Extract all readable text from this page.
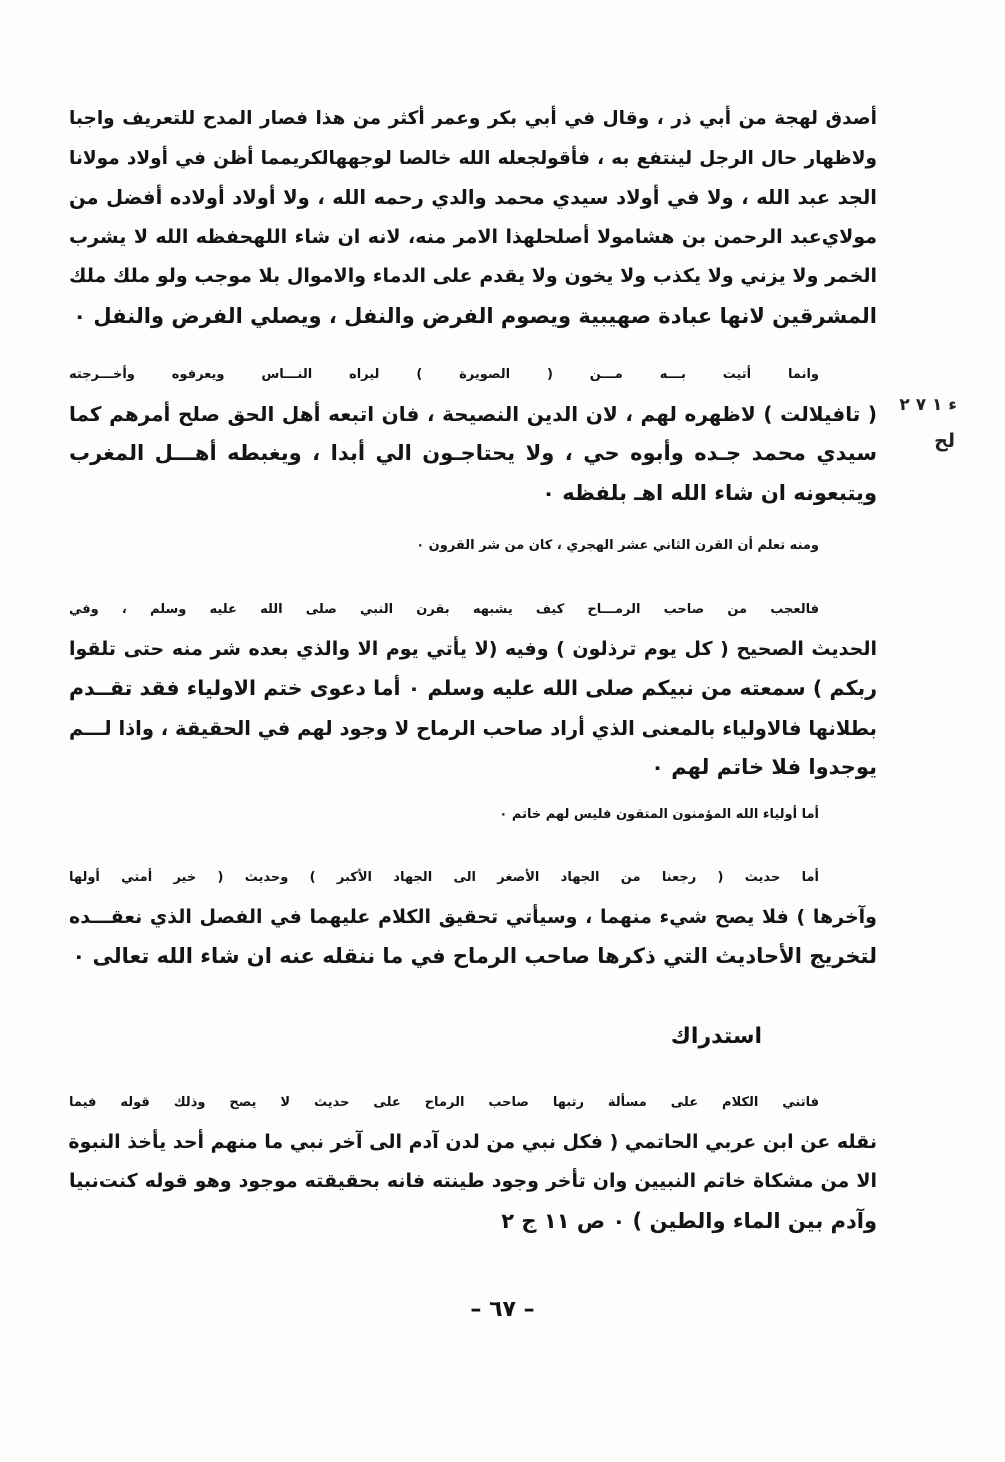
أصدق لهجة من أبي ذر ، وقال في أبي بكر وعمر أكثر من هذا فصار المدح للتعريف واجبا
ولاظهار حال الرجل لينتفع به ، فأقولجعله الله خالصا لوجههالكريمما أظن في أولاد مولانا
الجد عبد الله ، ولا في أولاد سيدي محمد والدي رحمه الله ، ولا أولاد أولاده أفضل من
مولاي‌عبد الرحمن بن هشامولا أصلحلهذا الامر منه، لانه ان شاء اللهحفظه الله لا يشرب
الخمر ولا يزني ولا يكذب ولا يخون ولا يقدم على الدماء والاموال بلا موجب ولو ملك ملك
المشرقين لانها عبادة صهيبية ويصوم الفرض والنفل ، ويصلي الفرض والنفل ٠
ء ١ ٧ ٢
لح
وانما أتيت بـــه مـــن ( الصويرة ) ليراه النـــاس ويعرفوه وأخـــرجته
( تافيلالت ) لاظهره لهم ، لان الدين النصيحة ، فان اتبعه أهل الحق صلح أمرهم كما
سيدي محمد جـده وأبوه حي ، ولا يحتاجـون الي أبدا ، ويغبطه أهـــل المغرب
ويتبعونه ان شاء الله اهـ بلفظه ٠
ومنه تعلم أن القرن الثاني عشر الهجري ، كان من شر القرون ٠
فالعجب من صاحب الرمـــاح كيف يشبهه بقرن النبي صلى الله عليه وسلم ، وفي
الحديث الصحيح ( كل يوم ترذلون ) وفيه (لا يأتي يوم الا والذي بعده شر منه حتى تلقوا
ربكم ) سمعته من نبيكم صلى الله عليه وسلم ٠ أما دعوى ختم الاولياء فقد تقــدم
بطلانها فالاولياء بالمعنى الذي أراد صاحب الرماح لا وجود لهم في الحقيقة ، واذا لـــم
يوجدوا فلا خاتم لهم ٠
أما أولياء الله المؤمنون المتقون فليس لهم خاتم ٠
أما حديث ( رجعنا من الجهاد الأصغر الى الجهاد الأكبر ) وحديث ( خير أمتي أولها
وآخرها ) فلا يصح شيء منهما ، وسيأتي تحقيق الكلام عليهما في الفصل الذي نعقـــده
لتخريج الأحاديث التي ذكرها صاحب الرماح في ما ننقله عنه ان شاء الله تعالى ٠
استدراك
فاتني الكلام على مسألة رتبها صاحب الرماح على حديث لا يصح وذلك قوله فيما
نقله عن ابن عربي الحاتمي ( فكل نبي من لدن آدم الى آخر نبي ما منهم أحد يأخذ النبوة
الا من مشكاة خاتم النبيين وان تأخر وجود طينته فانه بحقيقته موجود وهو قوله كنت‌نبيا
وآدم بين الماء والطين ) ٠ ص ١١ ج ٢
– ٦٧ –
